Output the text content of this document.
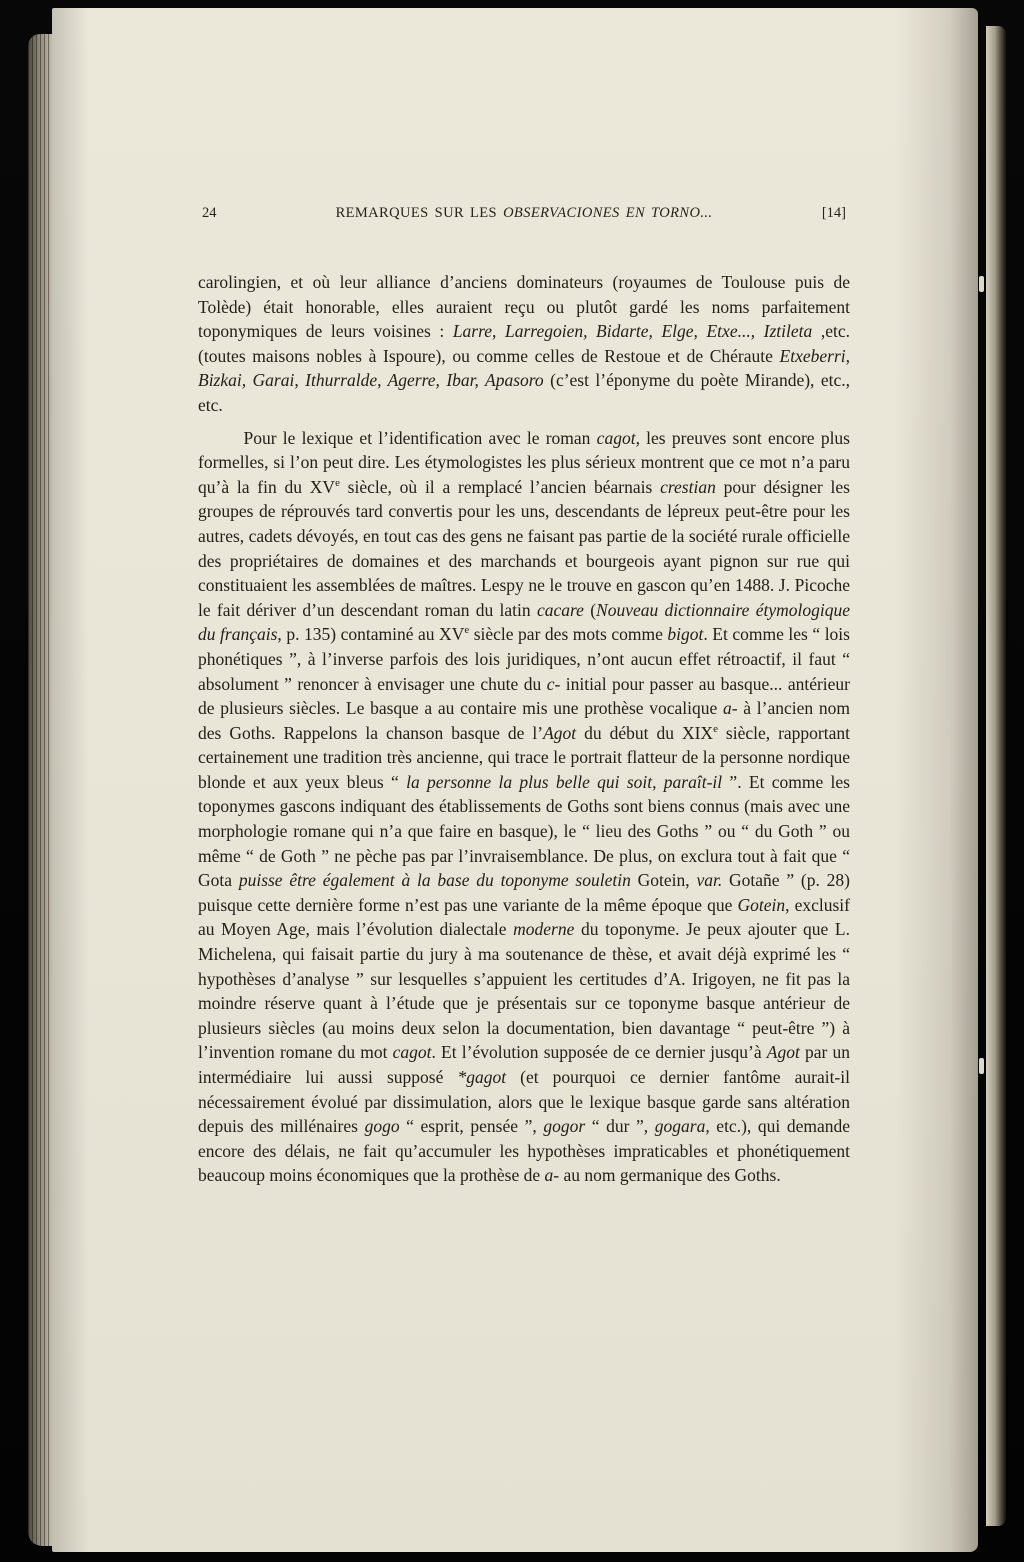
24	REMARQUES SUR LES OBSERVACIONES EN TORNO...	[14]

carolingien, et où leur alliance d’anciens dominateurs (royaumes de Toulouse puis de Tolède) était honorable, elles auraient reçu ou plutôt gardé les noms parfaitement toponymiques de leurs voisines : Larre, Larregoien, Bidarte, Elge, Etxe..., Iztileta ,etc. (toutes maisons nobles à Ispoure), ou comme celles de Restoue et de Chéraute Etxeberri, Bizkai, Garai, Ithurralde, Agerre, Ibar, Apasoro (c’est l’éponyme du poète Mirande), etc., etc.

Pour le lexique et l’identification avec le roman cagot, les preuves sont encore plus formelles, si l’on peut dire. Les étymologistes les plus sérieux montrent que ce mot n’a paru qu’à la fin du XVe siècle, où il a remplacé l’ancien béarnais crestian pour désigner les groupes de réprouvés tard convertis pour les uns, descendants de lépreux peut-être pour les autres, cadets dévoyés, en tout cas des gens ne faisant pas partie de la société rurale officielle des propriétaires de domaines et des marchands et bourgeois ayant pignon sur rue qui constituaient les assemblées de maîtres. Lespy ne le trouve en gascon qu’en 1488. J. Picoche le fait dériver d’un descendant roman du latin cacare (Nouveau dictionnaire étymologique du français, p. 135) contaminé au XVe siècle par des mots comme bigot. Et comme les “ lois phonétiques ”, à l’inverse parfois des lois juridiques, n’ont aucun effet rétroactif, il faut “ absolument ” renoncer à envisager une chute du c- initial pour passer au basque... antérieur de plusieurs siècles. Le basque a au contaire mis une prothèse vocalique a- à l’ancien nom des Goths. Rappelons la chanson basque de l’Agot du début du XIXe siècle, rapportant certainement une tradition très ancienne, qui trace le portrait flatteur de la personne nordique blonde et aux yeux bleus “ la personne la plus belle qui soit, paraît-il ”. Et comme les toponymes gascons indiquant des établissements de Goths sont biens connus (mais avec une morphologie romane qui n’a que faire en basque), le “ lieu des Goths ” ou “ du Goth ” ou même “ de Goth ” ne pèche pas par l’invraisemblance. De plus, on exclura tout à fait que “ Gota puisse être également à la base du toponyme souletin Gotein, var. Gotañe ” (p. 28) puisque cette dernière forme n’est pas une variante de la même époque que Gotein, exclusif au Moyen Age, mais l’évolution dialectale moderne du toponyme. Je peux ajouter que L. Michelena, qui faisait partie du jury à ma soutenance de thèse, et avait déjà exprimé les “ hypothèses d’analyse ” sur lesquelles s’appuient les certitudes d’A. Irigoyen, ne fit pas la moindre réserve quant à l’étude que je présentais sur ce toponyme basque antérieur de plusieurs siècles (au moins deux selon la documentation, bien davantage “ peut-être ”) à l’invention romane du mot cagot. Et l’évolution supposée de ce dernier jusqu’à Agot par un intermédiaire lui aussi supposé *gagot (et pourquoi ce dernier fantôme aurait-il nécessairement évolué par dissimulation, alors que le lexique basque garde sans altération depuis des millénaires gogo “ esprit, pensée ”, gogor “ dur ”, gogara, etc.), qui demande encore des délais, ne fait qu’accumuler les hypothèses impraticables et phonétiquement beaucoup moins économiques que la prothèse de a- au nom germanique des Goths.
